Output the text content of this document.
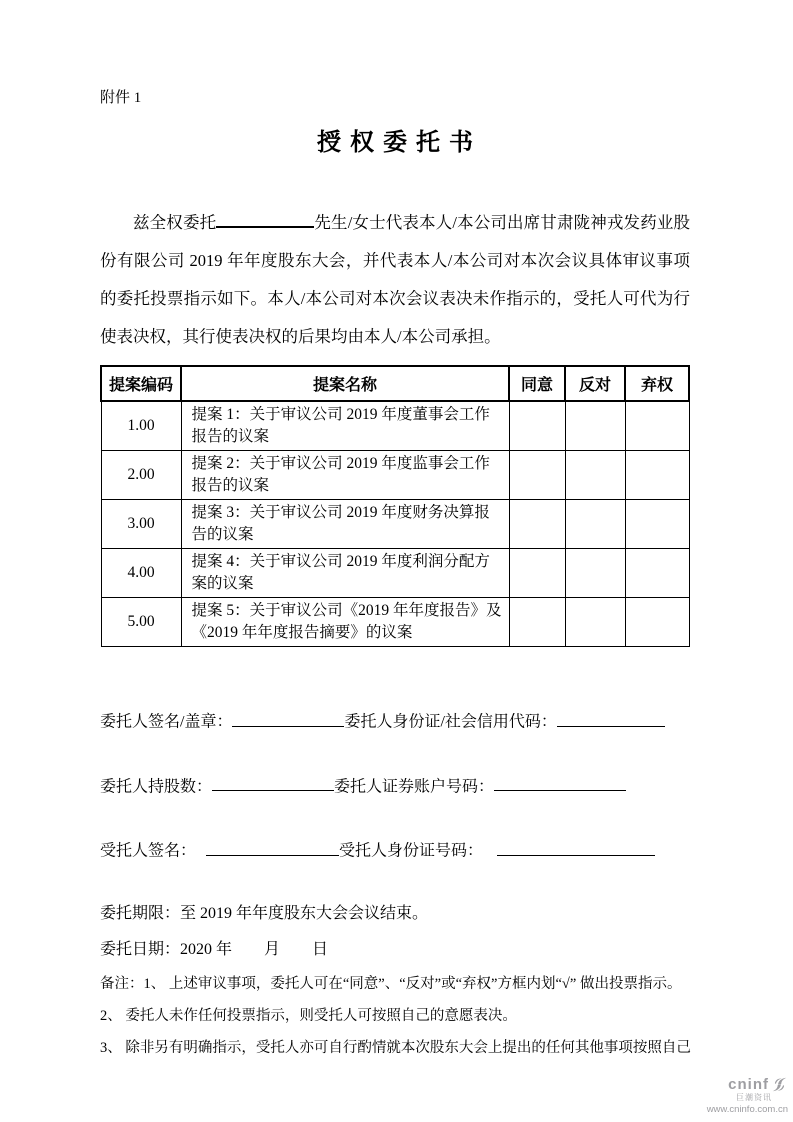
附件 1
授权委托书

兹全权委托	先生/女士代表本人/本公司出席甘肃陇神戎发药业股份有限公司 2019 年年度股东大会，并代表本人/本公司对本次会议具体审议事项的委托投票指示如下。本人/本公司对本次会议表决未作指示的，受托人可代为行使表决权，其行使表决权的后果均由本人/本公司承担。

提案编码	提案名称	同意	反对	弃权
1.00	提案 1：关于审议公司 2019 年度董事会工作报告的议案			
2.00	提案 2：关于审议公司 2019 年度监事会工作报告的议案			
3.00	提案 3：关于审议公司 2019 年度财务决算报告的议案			
4.00	提案 4：关于审议公司 2019 年度利润分配方案的议案			
5.00	提案 5：关于审议公司《2019 年年度报告》及《2019 年年度报告摘要》的议案			
委托人签名/盖章：	委托人身份证/社会信用代码：
委托人持股数：	委托人证券账户号码：
受托人签名：	受托人身份证号码：
委托期限：至 2019 年年度股东大会会议结束。
委托日期：2020 年　　月　　日
备注：1、 上述审议事项，委托人可在“同意”、“反对”或“弃权”方框内划“√” 做出投票指示。
2、 委托人未作任何投票指示，则受托人可按照自己的意愿表决。
3、 除非另有明确指示，受托人亦可自行酌情就本次股东大会上提出的任何其他事项按照自己
cninf
巨潮资讯
www.cninfo.com.cn
